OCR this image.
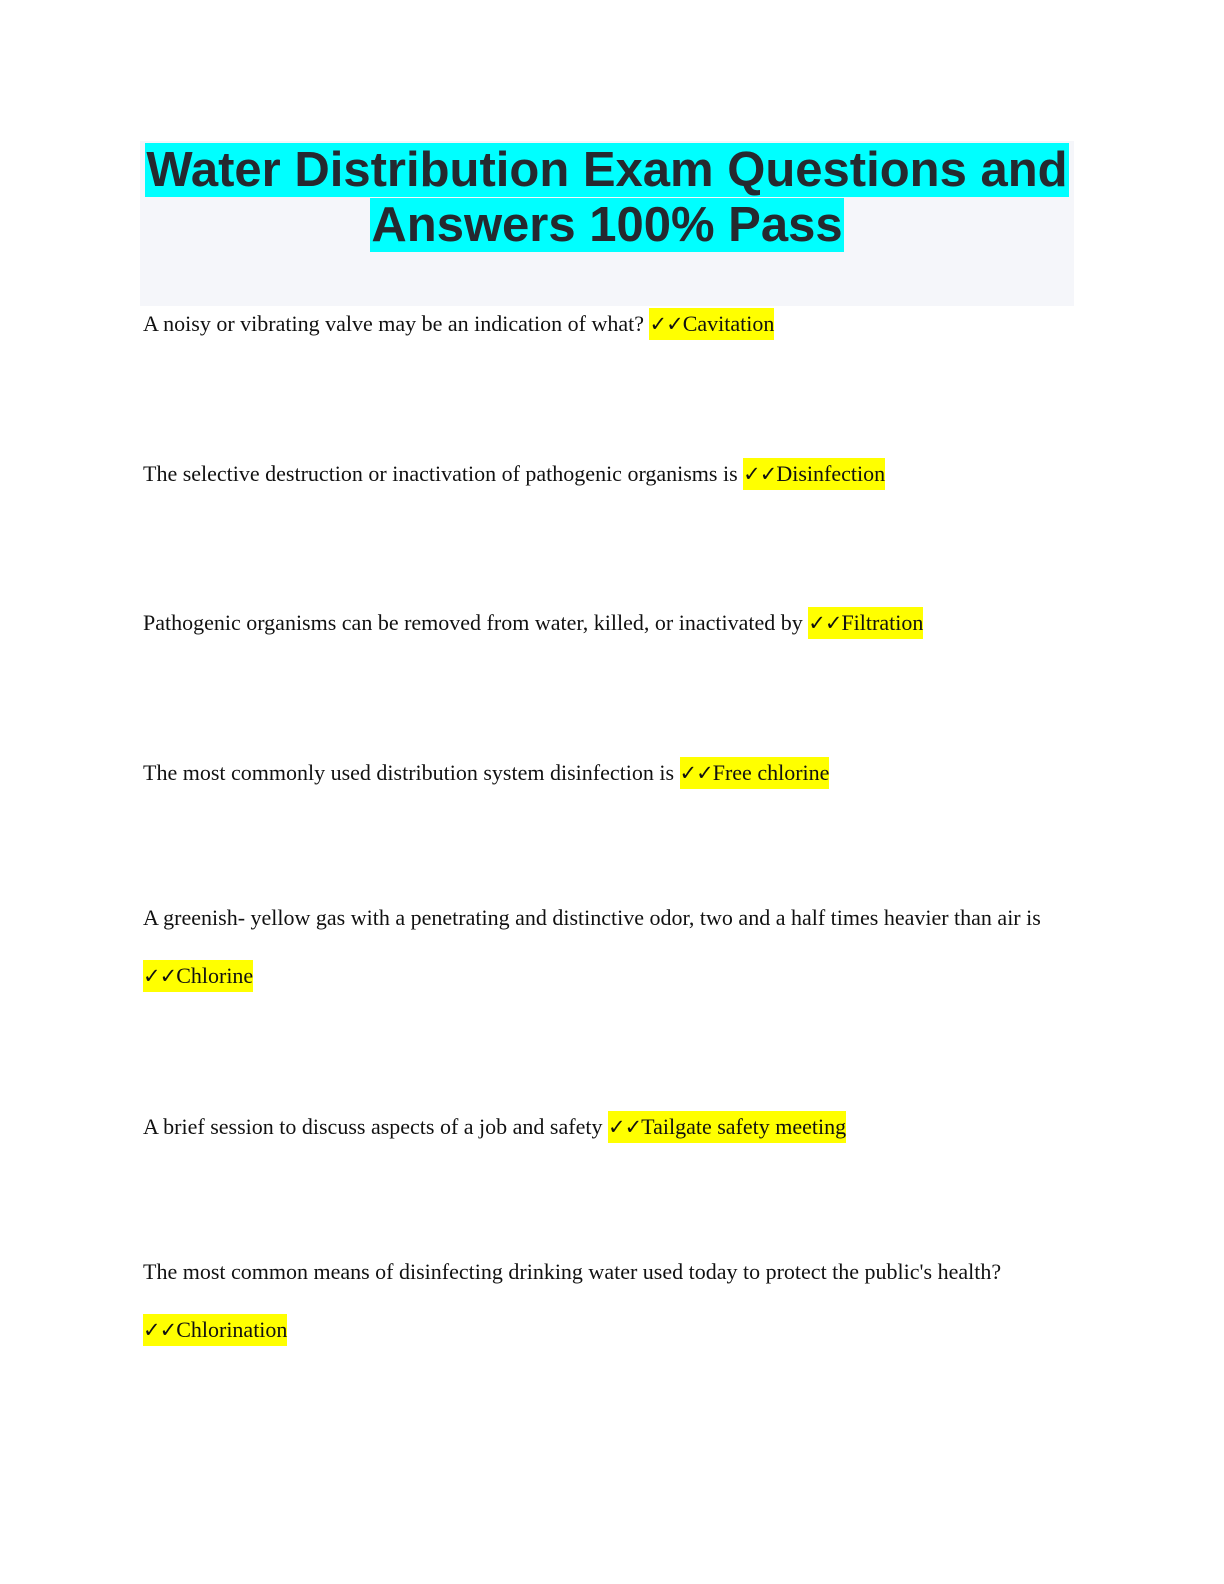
Water Distribution Exam Questions and
Answers 100% Pass

A noisy or vibrating valve may be an indication of what? ✓✓Cavitation

The selective destruction or inactivation of pathogenic organisms is ✓✓Disinfection

Pathogenic organisms can be removed from water, killed, or inactivated by ✓✓Filtration

The most commonly used distribution system disinfection is ✓✓Free chlorine

A greenish- yellow gas with a penetrating and distinctive odor, two and a half times heavier than air is ✓✓Chlorine

A brief session to discuss aspects of a job and safety ✓✓Tailgate safety meeting

The most common means of disinfecting drinking water used today to protect the public's health? ✓✓Chlorination
